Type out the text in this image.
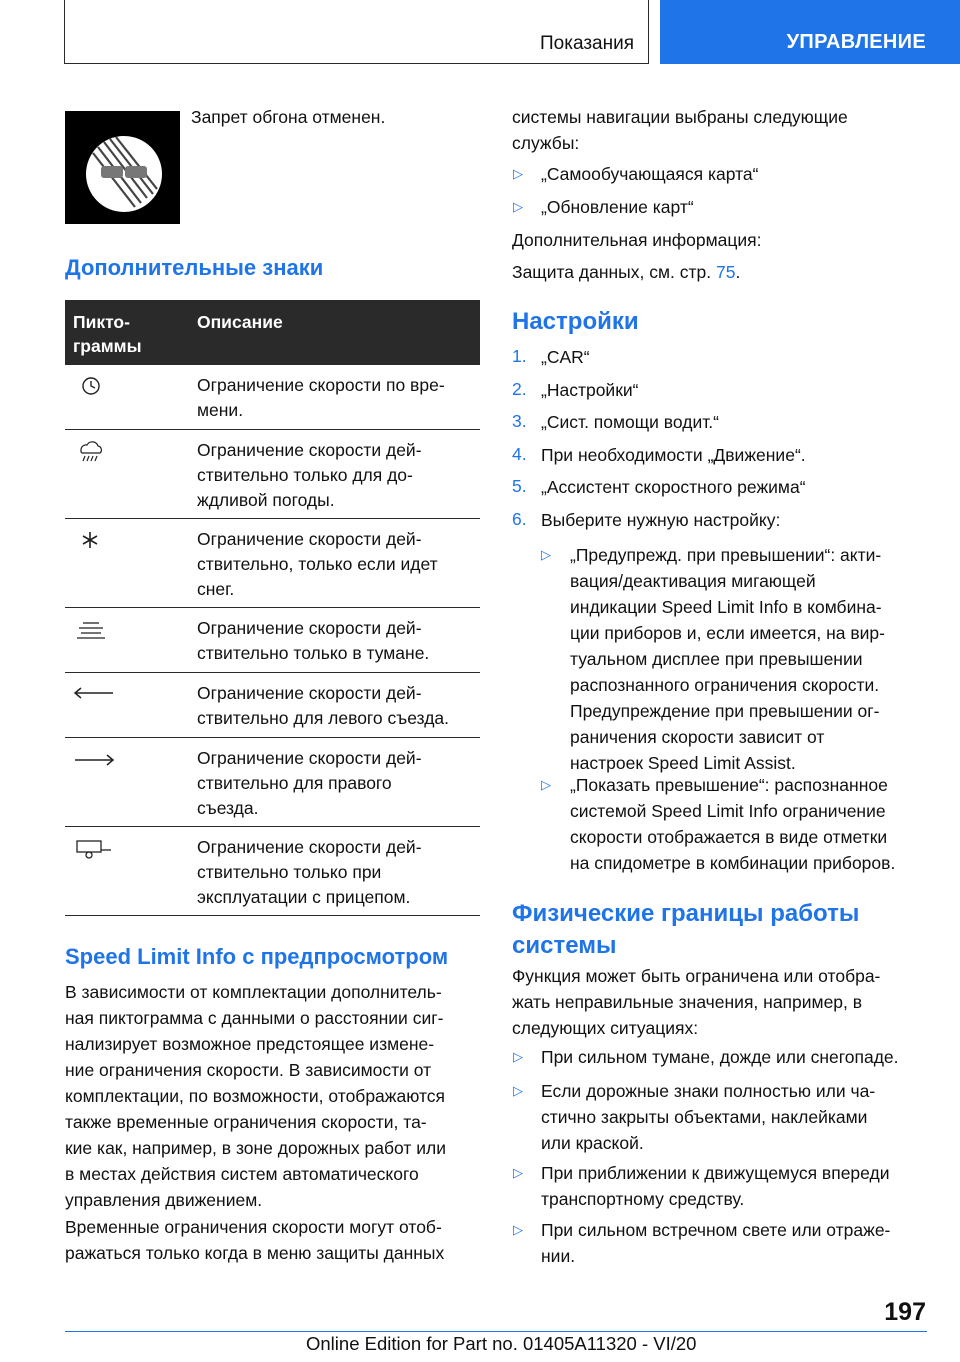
Показания	УПРАВЛЕНИЕ

Запрет обгона отменен.

Дополнительные знаки
Пикто-
граммы
Описание
Ограничение скорости по вре-
мени.
Ограничение скорости дей-
ствительно только для до-
ждливой погоды.
Ограничение скорости дей-
ствительно, только если идет
снег.
Ограничение скорости дей-
ствительно только в тумане.
Ограничение скорости дей-
ствительно для левого съезда.
Ограничение скорости дей-
ствительно для правого
съезда.
Ограничение скорости дей-
ствительно только при
эксплуатации с прицепом.
Speed Limit Info с предпросмотром

В зависимости от комплектации дополнитель-

ная пиктограмма с данными о расстоянии сиг-

нализирует возможное предстоящее измене-

ние ограничения скорости. В зависимости от

комплектации, по возможности, отображаются

также временные ограничения скорости, та-

кие как, например, в зоне дорожных работ или

в местах действия систем автоматического

управления движением.

Временные ограничения скорости могут отоб-

ражаться только когда в меню защиты данных

системы навигации выбраны следующие

службы:

▷ „Самообучающаяся карта“

▷ „Обновление карт“

Дополнительная информация:

Защита данных, см. стр. 75.

Настройки
1. „CAR“

2. „Настройки“

3. „Сист. помощи водит.“

4. При необходимости „Движение“.

5. „Ассистент скоростного режима“

6. Выберите нужную настройку:

▷ „Предупрежд. при превышении“: акти-

вация/деактивация мигающей

индикации Speed Limit Info в комбина-

ции приборов и, если имеется, на вир-

туальном дисплее при превышении

распознанного ограничения скорости.

Предупреждение при превышении ог-

раничения скорости зависит от

настроек Speed Limit Assist.

▷ „Показать превышение“: распознанное

системой Speed Limit Info ограничение

скорости отображается в виде отметки

на спидометре в комбинации приборов.

Физические границы работы
системы

Функция может быть ограничена или отобра-

жать неправильные значения, например, в

следующих ситуациях:

▷ При сильном тумане, дожде или снегопаде.

▷ Если дорожные знаки полностью или ча-

стично закрыты объектами, наклейками

или краской.

▷ При приближении к движущемуся впереди

транспортному средству.

▷ При сильном встречном свете или отраже-

нии.

197
Online Edition for Part no. 01405A11320 - VI/20
